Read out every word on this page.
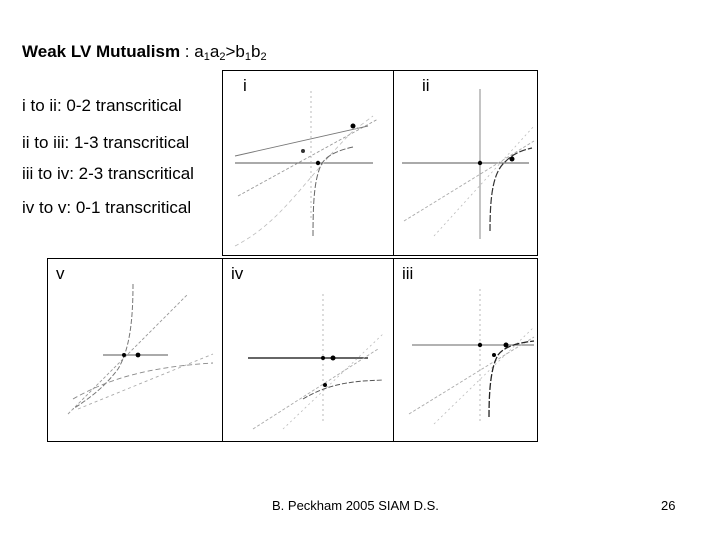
Weak LV Mutualism : $a_1a_2>b_1b_2$
i to ii: 0-2 transcritical
ii to iii: 1-3 transcritical
iii to iv: 2-3 transcritical
iv to v: 0-1 transcritical
i	ii
v	iv	iii
B. Peckham 2005 SIAM D.S.	26
